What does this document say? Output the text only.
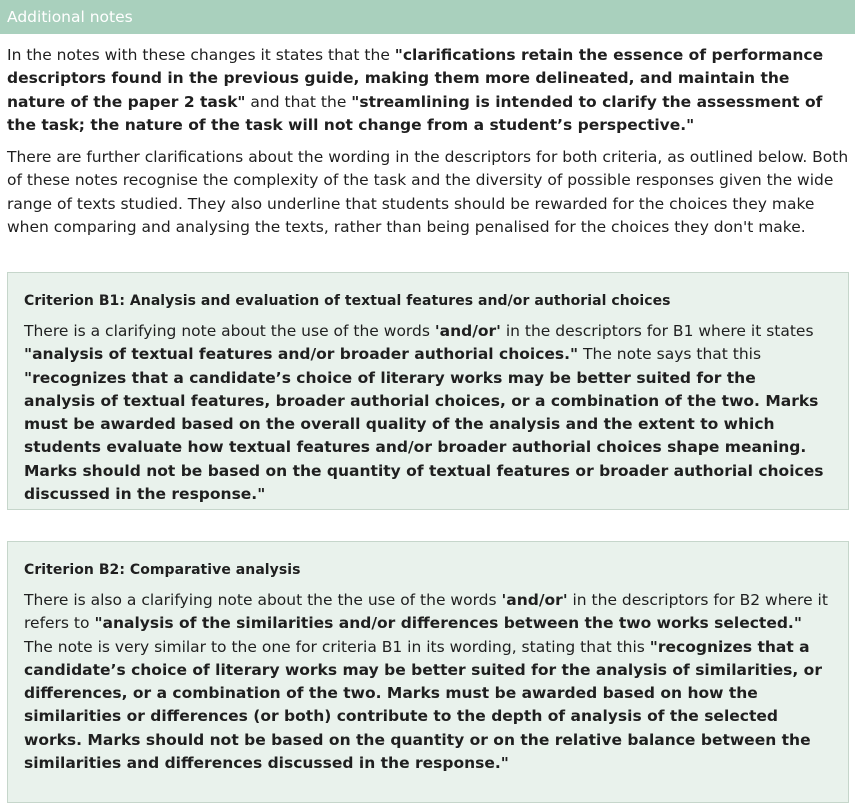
Additional notes

In the notes with these changes it states that the "clarifications retain the essence of performance descriptors found in the previous guide, making them more delineated, and maintain the nature of the paper 2 task" and that the "streamlining is intended to clarify the assessment of the task; the nature of the task will not change from a student’s perspective."

There are further clarifications about the wording in the descriptors for both criteria, as outlined below. Both of these notes recognise the complexity of the task and the diversity of possible responses given the wide range of texts studied. They also underline that students should be rewarded for the choices they make when comparing and analysing the texts, rather than being penalised for the choices they don't make.

Criterion B1: Analysis and evaluation of textual features and/or authorial choices

There is a clarifying note about the use of the words 'and/or' in the descriptors for B1 where it states "analysis of textual features and/or broader authorial choices." The note says that this "recognizes that a candidate’s choice of literary works may be better suited for the analysis of textual features, broader authorial choices, or a combination of the two. Marks must be awarded based on the overall quality of the analysis and the extent to which students evaluate how textual features and/or broader authorial choices shape meaning. Marks should not be based on the quantity of textual features or broader authorial choices discussed in the response."

Criterion B2: Comparative analysis

There is also a clarifying note about the the use of the words 'and/or' in the descriptors for B2 where it refers to "analysis of the similarities and/or differences between the two works selected." The note is very similar to the one for criteria B1 in its wording, stating that this "recognizes that a candidate’s choice of literary works may be better suited for the analysis of similarities, or differences, or a combination of the two. Marks must be awarded based on how the similarities or differences (or both) contribute to the depth of analysis of the selected works. Marks should not be based on the quantity or on the relative balance between the similarities and differences discussed in the response."
